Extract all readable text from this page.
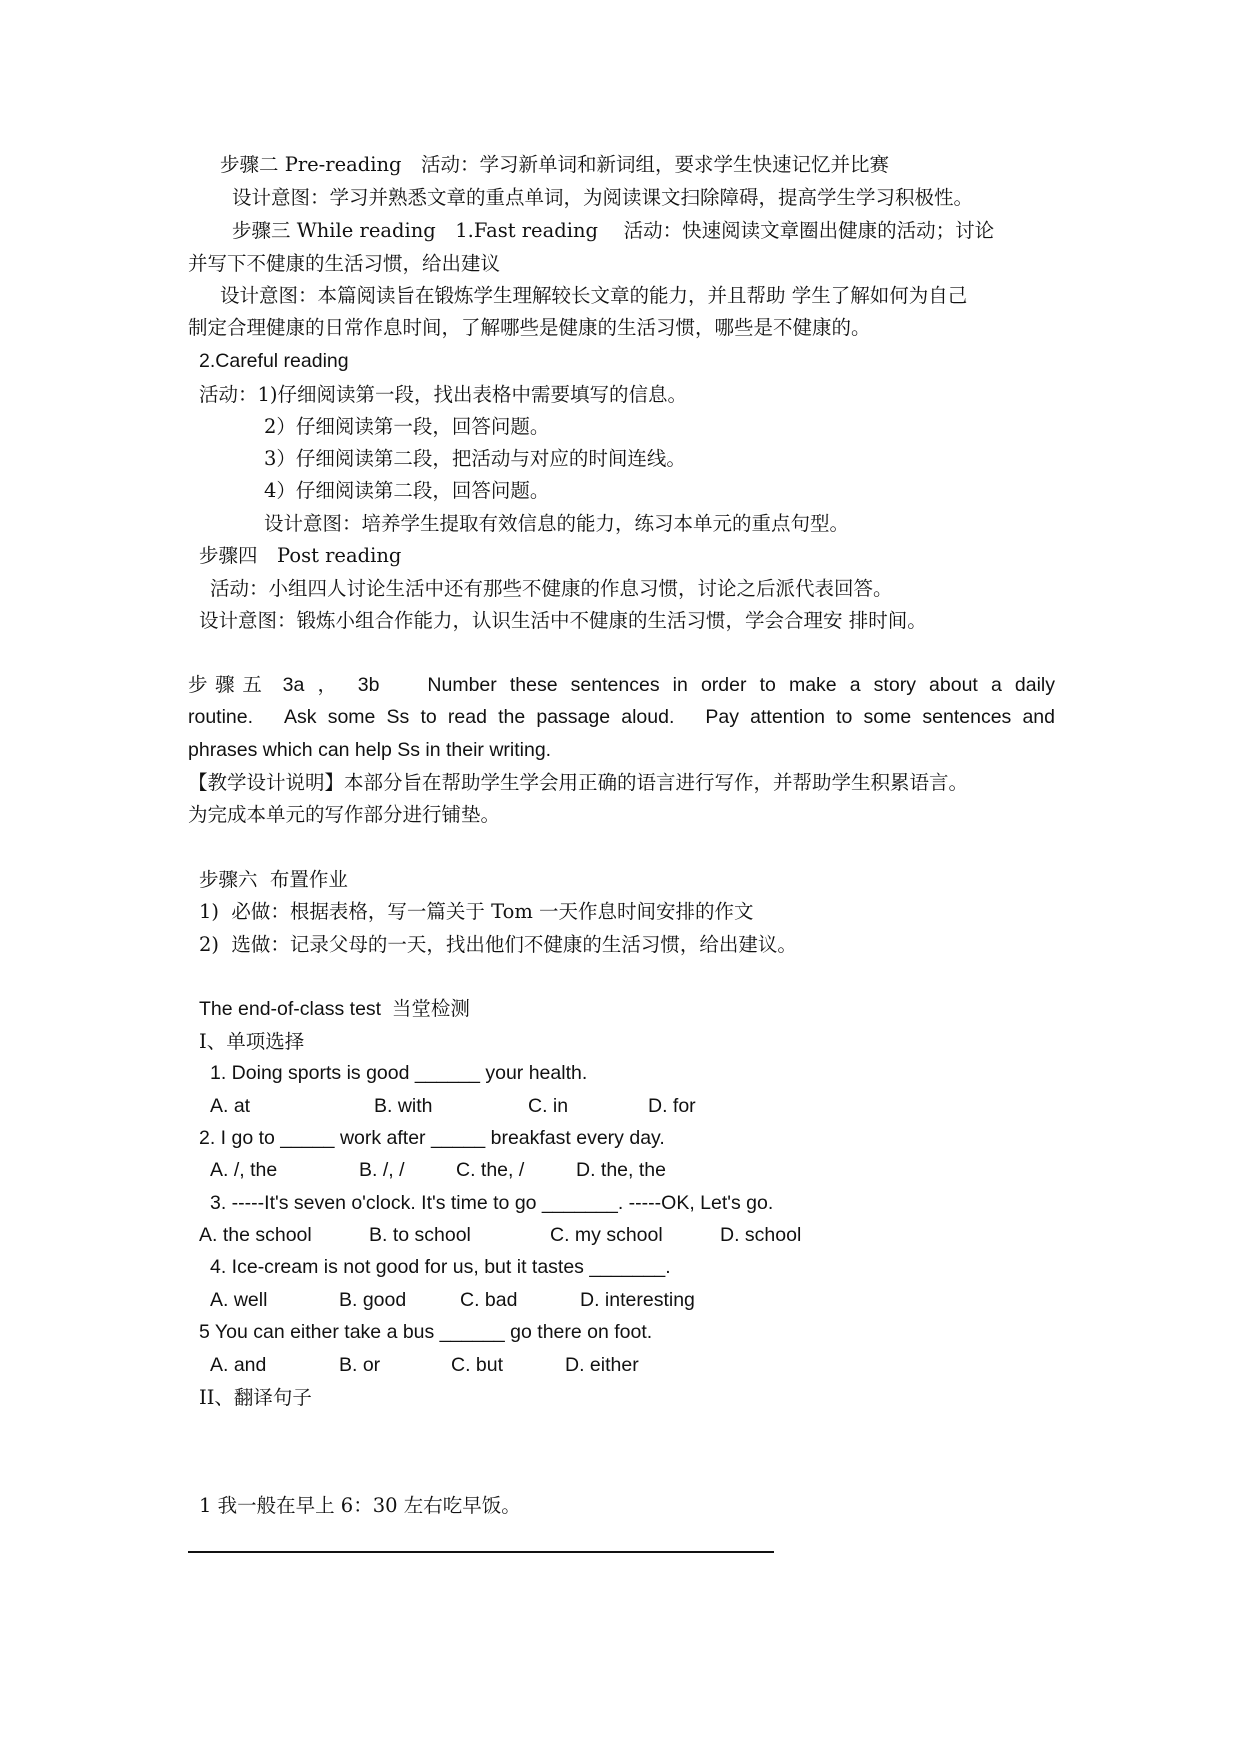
步骤二 Pre-reading　活动：学习新单词和新词组，要求学生快速记忆并比赛
设计意图：学习并熟悉文章的重点单词，为阅读课文扫除障碍，提高学生学习积极性。
步骤三 While reading　1.Fast reading　 活动：快速阅读文章圈出健康的活动；讨论
并写下不健康的生活习惯，给出建议
设计意图：本篇阅读旨在锻炼学生理解较长文章的能力，并且帮助 学生了解如何为自己
制定合理健康的日常作息时间，了解哪些是健康的生活习惯，哪些是不健康的。
2.Careful reading
活动：1)仔细阅读第一段，找出表格中需要填写的信息。
2）仔细阅读第一段，回答问题。
3）仔细阅读第二段，把活动与对应的时间连线。
4）仔细阅读第二段，回答问题。
设计意图：培养学生提取有效信息的能力，练习本单元的重点句型。
步骤四　Post reading
活动：小组四人讨论生活中还有那些不健康的作息习惯，讨论之后派代表回答。
设计意图：锻炼小组合作能力，认识生活中不健康的生活习惯，学会合理安 排时间。
步骤五 3a ， 3b　 Number these sentences in order to make a story about a daily
routine.　Ask some Ss to read the passage aloud.　Pay attention to some sentences and
phrases which can help Ss in their writing.
【教学设计说明】本部分旨在帮助学生学会用正确的语言进行写作，并帮助学生积累语言。
为完成本单元的写作部分进行铺垫。
步骤六  布置作业
1)  必做：根据表格，写一篇关于 Tom 一天作息时间安排的作文
2)  选做：记录父母的一天，找出他们不健康的生活习惯，给出建议。
The end-of-class test  当堂检测
I、单项选择
1. Doing sports is good ______ your health.
A. at	B. with	C. in	D. for
2. I go to _____ work after _____ breakfast every day.
A. /, the	B. /, /	C. the, /	D. the, the
3. -----It's seven o'clock. It's time to go _______. -----OK, Let's go.
A. the school	B. to school	C. my school	D. school
4. Ice-cream is not good for us, but it tastes _______.
A. well	B. good	C. bad	D. interesting
5 You can either take a bus ______ go there on foot.
A. and	B. or	C. but	D. either
II、翻译句子
1 我一般在早上 6：30 左右吃早饭。
